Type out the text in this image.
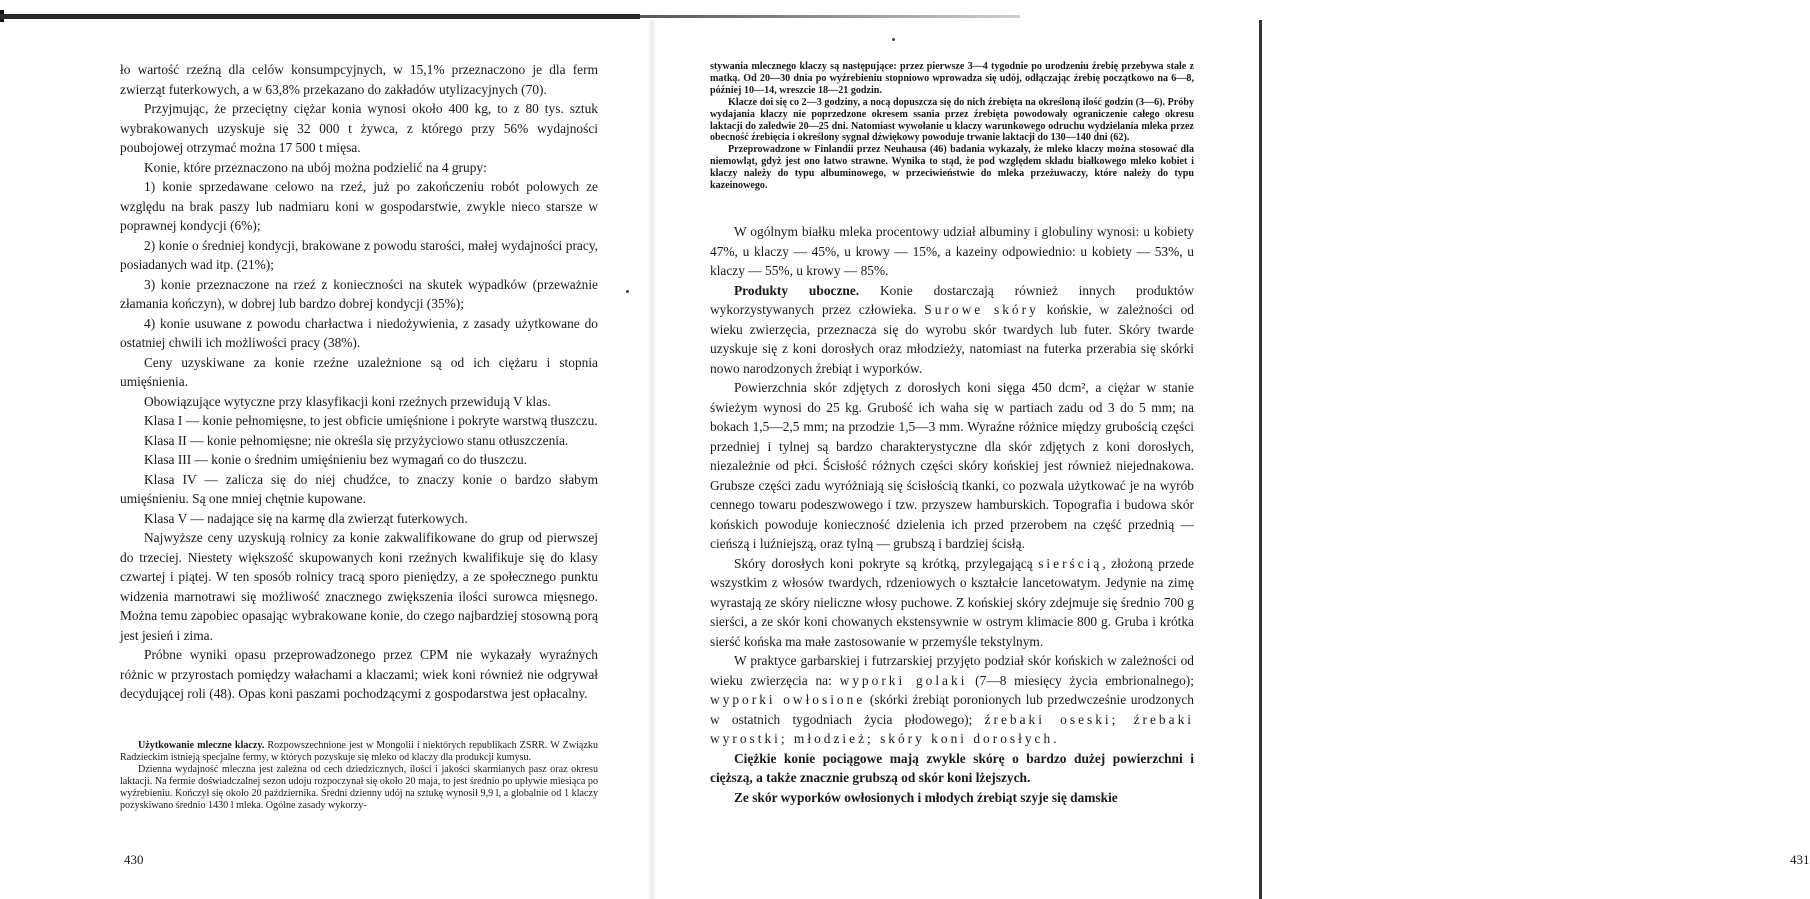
ło wartość rzeźną dla celów konsumpcyjnych, w 15,1% przeznaczono je dla ferm zwierząt futerkowych, a w 63,8% przekazano do zakładów utylizacyjnych (70).

Przyjmując, że przeciętny ciężar konia wynosi około 400 kg, to z 80 tys. sztuk wybrakowanych uzyskuje się 32 000 t żywca, z którego przy 56% wydajności poubojowej otrzymać można 17 500 t mięsa.

Konie, które przeznaczono na ubój można podzielić na 4 grupy:

1) konie sprzedawane celowo na rzeź, już po zakończeniu robót polowych ze względu na brak paszy lub nadmiaru koni w gospodarstwie, zwykle nieco starsze w poprawnej kondycji (6%);

2) konie o średniej kondycji, brakowane z powodu starości, małej wydajności pracy, posiadanych wad itp. (21%);

3) konie przeznaczone na rzeź z konieczności na skutek wypadków (przeważnie złamania kończyn), w dobrej lub bardzo dobrej kondycji (35%);

4) konie usuwane z powodu charłactwa i niedożywienia, z zasady użytkowane do ostatniej chwili ich możliwości pracy (38%).

Ceny uzyskiwane za konie rzeźne uzależnione są od ich ciężaru i stopnia umięśnienia.

Obowiązujące wytyczne przy klasyfikacji koni rzeźnych przewidują V klas.

Klasa I — konie pełnomięsne, to jest obficie umięśnione i pokryte warstwą tłuszczu.

Klasa II — konie pełnomięsne; nie określa się przyżyciowo stanu otłuszczenia.

Klasa III — konie o średnim umięśnieniu bez wymagań co do tłuszczu.

Klasa IV — zalicza się do niej chudźce, to znaczy konie o bardzo słabym umięśnieniu. Są one mniej chętnie kupowane.

Klasa V — nadające się na karmę dla zwierząt futerkowych.

Najwyższe ceny uzyskują rolnicy za konie zakwalifikowane do grup od pierwszej do trzeciej. Niestety większość skupowanych koni rzeźnych kwalifikuje się do klasy czwartej i piątej. W ten sposób rolnicy tracą sporo pieniędzy, a ze społecznego punktu widzenia marnotrawi się możliwość znacznego zwiększenia ilości surowca mięsnego. Można temu zapobiec opasając wybrakowane konie, do czego najbardziej stosowną porą jest jesień i zima.

Próbne wyniki opasu przeprowadzonego przez CPM nie wykazały wyraźnych różnic w przyrostach pomiędzy wałachami a klaczami; wiek koni również nie odgrywał decydującej roli (48). Opas koni paszami pochodzącymi z gospodarstwa jest opłacalny.

Użytkowanie mleczne klaczy. Rozpowszechnione jest w Mongolii i niektórych republikach ZSRR. W Związku Radzieckim istnieją specjalne fermy, w których pozyskuje się mleko od klaczy dla produkcji kumysu.

Dzienna wydajność mleczna jest zależna od cech dziedzicznych, ilości i jakości skarmianych pasz oraz okresu laktacji. Na fermie doświadczalnej sezon udoju rozpoczynał się około 20 maja, to jest średnio po upływie miesiąca po wyźrebieniu. Kończył się około 20 października. Średni dzienny udój na sztukę wynosił 9,9 l, a globalnie od 1 klaczy pozyskiwano średnio 1430 l mleka. Ogólne zasady wykorzy-

430

stywania mlecznego klaczy są następujące: przez pierwsze 3—4 tygodnie po urodzeniu źrebię przebywa stale z matką. Od 20—30 dnia po wyźrebieniu stopniowo wprowadza się udój, odłączając źrebię początkowo na 6—8, później 10—14, wreszcie 18—21 godzin.

Klacze doi się co 2—3 godziny, a nocą dopuszcza się do nich źrebięta na określoną ilość godzin (3—6). Próby wydajania klaczy nie poprzedzone okresem ssania przez źrebięta powodowały ograniczenie całego okresu laktacji do zaledwie 20—25 dni. Natomiast wywołanie u klaczy warunkowego odruchu wydzielania mleka przez obecność źrebięcia i określony sygnał dźwiękowy powoduje trwanie laktacji do 130—140 dni (62).

Przeprowadzone w Finlandii przez Neuhausa (46) badania wykazały, że mleko klaczy można stosować dla niemowląt, gdyż jest ono łatwo strawne. Wynika to stąd, że pod względem składu białkowego mleko kobiet i klaczy należy do typu albuminowego, w przeciwieństwie do mleka przeżuwaczy, które należy do typu kazeinowego.

W ogólnym białku mleka procentowy udział albuminy i globuliny wynosi: u kobiety 47%, u klaczy — 45%, u krowy — 15%, a kazeiny odpowiednio: u kobiety — 53%, u klaczy — 55%, u krowy — 85%.

Produkty uboczne. Konie dostarczają również innych produktów wykorzystywanych przez człowieka. Surowe skóry końskie, w zależności od wieku zwierzęcia, przeznacza się do wyrobu skór twardych lub futer. Skóry twarde uzyskuje się z koni dorosłych oraz młodzieży, natomiast na futerka przerabia się skórki nowo narodzonych źrebiąt i wyporków.

Powierzchnia skór zdjętych z dorosłych koni sięga 450 dcm², a ciężar w stanie świeżym wynosi do 25 kg. Grubość ich waha się w partiach zadu od 3 do 5 mm; na bokach 1,5—2,5 mm; na przodzie 1,5—3 mm. Wyraźne różnice między grubością części przedniej i tylnej są bardzo charakterystyczne dla skór zdjętych z koni dorosłych, niezależnie od płci. Ścisłość różnych części skóry końskiej jest również niejednakowa. Grubsze części zadu wyróżniają się ścisłością tkanki, co pozwala użytkować je na wyrób cennego towaru podeszwowego i tzw. przyszew hamburskich. Topografia i budowa skór końskich powoduje konieczność dzielenia ich przed przerobem na część przednią — cieńszą i luźniejszą, oraz tylną — grubszą i bardziej ścisłą.

Skóry dorosłych koni pokryte są krótką, przylegającą sierścią, złożoną przede wszystkim z włosów twardych, rdzeniowych o kształcie lancetowatym. Jedynie na zimę wyrastają ze skóry nieliczne włosy puchowe. Z końskiej skóry zdejmuje się średnio 700 g sierści, a ze skór koni chowanych ekstensywnie w ostrym klimacie 800 g. Gruba i krótka sierść końska ma małe zastosowanie w przemyśle tekstylnym.

W praktyce garbarskiej i futrzarskiej przyjęto podział skór końskich w zależności od wieku zwierzęcia na: wyporki golaki (7—8 miesięcy życia embrionalnego); wyporki owłosione (skórki źrebiąt poronionych lub przedwcześnie urodzonych w ostatnich tygodniach życia płodowego); źrebaki oseski; źrebaki wyrostki; młodzież; skóry koni dorosłych.

Ciężkie konie pociągowe mają zwykle skórę o bardzo dużej powierzchni i cięższą, a także znacznie grubszą od skór koni lżejszych.

Ze skór wyporków owłosionych i młodych źrebiąt szyje się damskie

431
